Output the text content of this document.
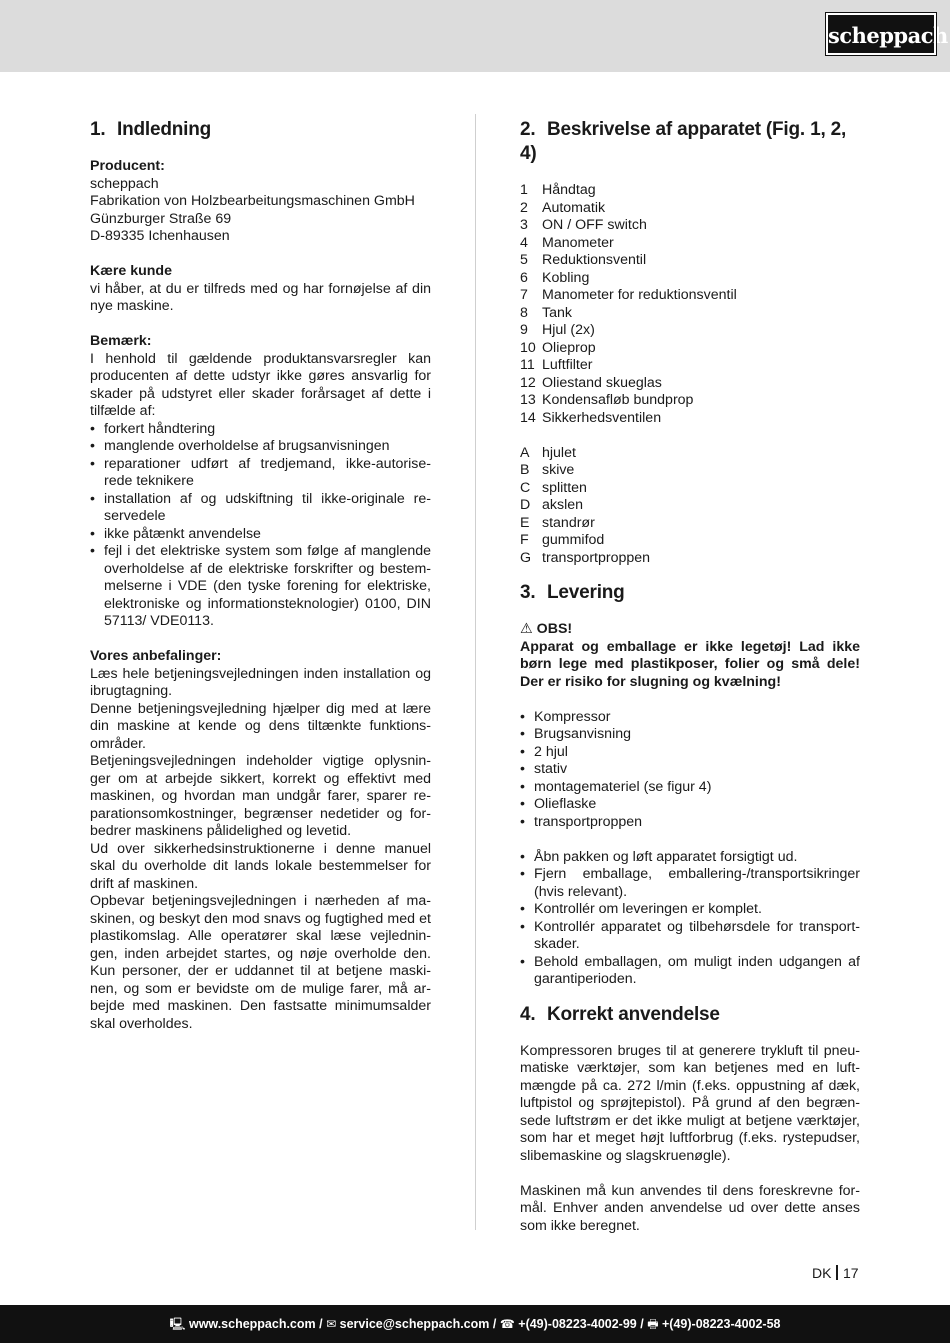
scheppach
1. Indledning
Producent:
scheppach
Fabrikation von Holzbearbeitungsmaschinen GmbH
Günzburger Straße 69
D-89335 Ichenhausen
Kære kunde

vi håber, at du er tilfreds med og har fornøjelse af din nye maskine.

Bemærk:

I henhold til gældende produktansvarsregler kan producenten af dette udstyr ikke gøres ansvarlig for skader på udstyret eller skader forårsaget af dette i tilfælde af:

• forkert håndtering
• manglende overholdelse af brugsanvisningen
• reparationer udført af tredjemand, ikke-autorise-rede teknikere
• installation af og udskiftning til ikke-originale re-servedele
• ikke påtænkt anvendelse
• fejl i det elektriske system som følge af manglende overholdelse af de elektriske forskrifter og bestem-melserne i VDE (den tyske forening for elektriske, elektroniske og informationsteknologier) 0100, DIN 57113/ VDE0113.
Vores anbefalinger:

Læs hele betjeningsvejledningen inden installation og ibrugtagning.

Denne betjeningsvejledning hjælper dig med at lære din maskine at kende og dens tiltænkte funktions-områder.

Betjeningsvejledningen indeholder vigtige oplysnin-ger om at arbejde sikkert, korrekt og effektivt med maskinen, og hvordan man undgår farer, sparer re-parationsomkostninger, begrænser nedetider og for-bedrer maskinens pålidelighed og levetid.

Ud over sikkerhedsinstruktionerne i denne manuel skal du overholde dit lands lokale bestemmelser for drift af maskinen.

Opbevar betjeningsvejledningen i nærheden af ma-skinen, og beskyt den mod snavs og fugtighed med et plastikomslag. Alle operatører skal læse vejlednin-gen, inden arbejdet startes, og nøje overholde den. Kun personer, der er uddannet til at betjene maski-nen, og som er bevidste om de mulige farer, må ar-bejde med maskinen. Den fastsatte minimumsalder skal overholdes.

2. Beskrivelse af apparatet (Fig. 1, 2, 4)
1 Håndtag
2 Automatik
3 ON / OFF switch
4 Manometer
5 Reduktionsventil
6 Kobling
7 Manometer for reduktionsventil
8 Tank
9 Hjul (2x)
10 Olieprop
11 Luftfilter
12 Oliestand skueglas
13 Kondensafløb bundprop
14 Sikkerhedsventilen
A hjulet
B skive
C splitten
D akslen
E standrør
F gummifod
G transportproppen
3. Levering
⚠ OBS!

Apparat og emballage er ikke legetøj! Lad ikke børn lege med plastikposer, folier og små dele! Der er risiko for slugning og kvælning!

• Kompressor
• Brugsanvisning
• 2 hjul
• stativ
• montagemateriel (se figur 4)
• Olieflaske
• transportproppen
• Åbn pakken og løft apparatet forsigtigt ud.
• Fjern emballage, emballering-/transportsikringer (hvis relevant).
• Kontrollér om leveringen er komplet.
• Kontrollér apparatet og tilbehørsdele for transport-skader.
• Behold emballagen, om muligt inden udgangen af garantiperioden.
4. Korrekt anvendelse

Kompressoren bruges til at generere trykluft til pneu-matiske værktøjer, som kan betjenes med en luft-mængde på ca. 272 l/min (f.eks. oppustning af dæk, luftpistol og sprøjtepistol). På grund af den begræn-sede luftstrøm er det ikke muligt at betjene værktøjer, som har et meget højt luftforbrug (f.eks. rystepudser, slibemaskine og slagskruenøgle).

Maskinen må kun anvendes til dens foreskrevne for-mål. Enhver anden anvendelse ud over dette anses som ikke beregnet.

DK 17
🖳 www.scheppach.com / ✉ service@scheppach.com / ☎ +(49)-08223-4002-99 / 🖶 +(49)-08223-4002-58
